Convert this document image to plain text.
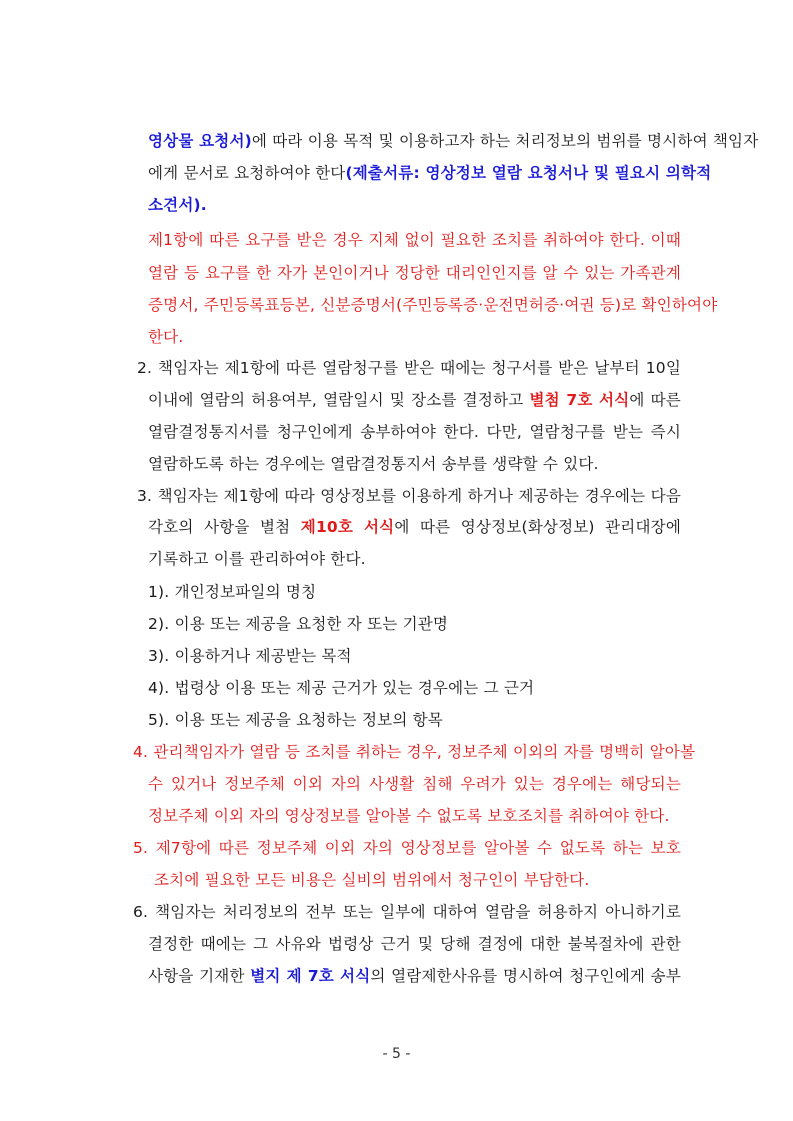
영상물 요청서)에 따라 이용 목적 및 이용하고자 하는 처리정보의 범위를 명시하여 책임자
에게 문서로 요청하여야 한다(제출서류: 영상정보 열람 요청서나 및 필요시 의학적
소견서).
제1항에 따른 요구를 받은 경우 지체 없이 필요한 조치를 취하여야 한다. 이때
열람 등 요구를 한 자가 본인이거나 정당한 대리인인지를 알 수 있는 가족관계
증명서, 주민등록표등본, 신분증명서(주민등록증·운전면허증·여권 등)로 확인하여야
한다.
2. 책임자는 제1항에 따른 열람청구를 받은 때에는 청구서를 받은 날부터 10일
이내에 열람의 허용여부, 열람일시 및 장소를 결정하고 별첨 7호 서식에 따른
열람결정통지서를 청구인에게 송부하여야 한다. 다만, 열람청구를 받는 즉시
열람하도록 하는 경우에는 열람결정통지서 송부를 생략할 수 있다.
3. 책임자는 제1항에 따라 영상정보를 이용하게 하거나 제공하는 경우에는 다음
각호의 사항을 별첨 제10호 서식에 따른 영상정보(화상정보) 관리대장에
기록하고 이를 관리하여야 한다.
1). 개인정보파일의 명칭
2). 이용 또는 제공을 요청한 자 또는 기관명
3). 이용하거나 제공받는 목적
4). 법령상 이용 또는 제공 근거가 있는 경우에는 그 근거
5). 이용 또는 제공을 요청하는 정보의 항목
4. 관리책임자가 열람 등 조치를 취하는 경우, 정보주체 이외의 자를 명백히 알아볼
수 있거나 정보주체 이외 자의 사생활 침해 우려가 있는 경우에는 해당되는
정보주체 이외 자의 영상정보를 알아볼 수 없도록 보호조치를 취하여야 한다.
5. 제7항에 따른 정보주체 이외 자의 영상정보를 알아볼 수 없도록 하는 보호
조치에 필요한 모든 비용은 실비의 범위에서 청구인이 부담한다.
6. 책임자는 처리정보의 전부 또는 일부에 대하여 열람을 허용하지 아니하기로
결정한 때에는 그 사유와 법령상 근거 및 당해 결정에 대한 불복절차에 관한
사항을 기재한 별지 제 7호 서식의 열람제한사유를 명시하여 청구인에게 송부
- 5 -
